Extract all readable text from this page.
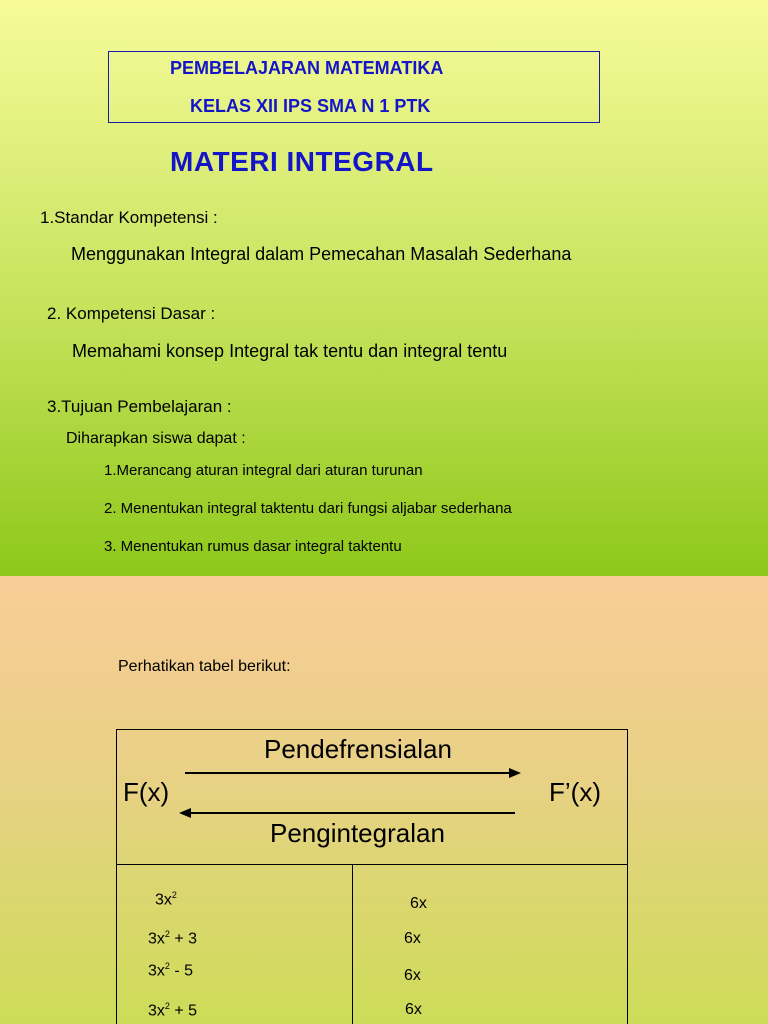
PEMBELAJARAN MATEMATIKA
KELAS XII IPS SMA N 1 PTK
MATERI INTEGRAL
1.Standar Kompetensi :
Menggunakan Integral dalam Pemecahan Masalah Sederhana
2. Kompetensi Dasar :
Memahami konsep Integral tak tentu dan integral tentu
3.Tujuan Pembelajaran :
Diharapkan siswa dapat :
1.Merancang aturan integral dari aturan turunan
2. Menentukan integral taktentu dari fungsi aljabar sederhana
3. Menentukan rumus dasar integral taktentu
Perhatikan tabel berikut:
Pendefrensialan
F(x)	F’(x)
Pengintegralan
$3x^2$	6x
$3x^2 + 3$	6x
$3x^2 - 5$	6x
$3x^2 + 5$	6x
